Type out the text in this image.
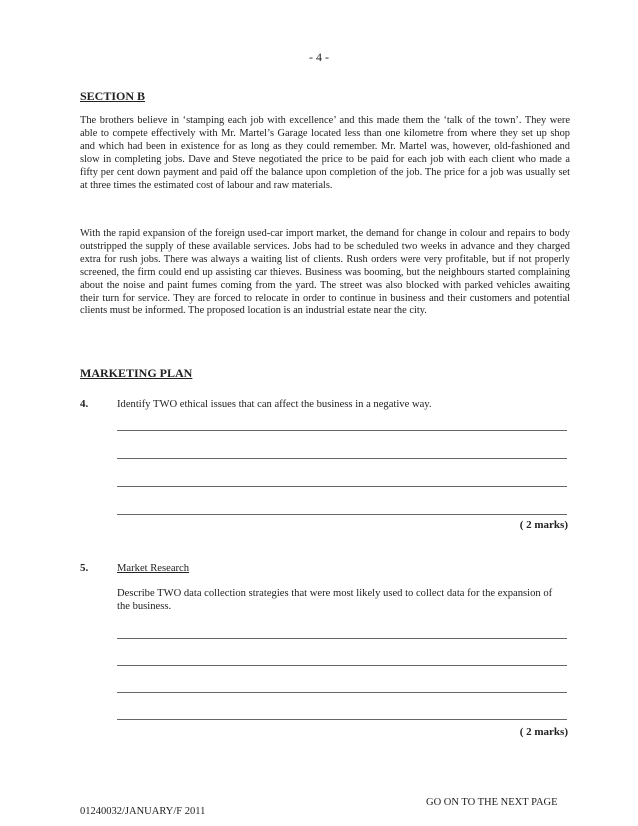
- 4 -
SECTION B

The brothers believe in ‘stamping each job with excellence’ and this made them the ‘talk of the town’. They were able to compete effectively with Mr. Martel’s Garage located less than one kilometre from where they set up shop and which had been in existence for as long as they could remember. Mr. Martel was, however, old-fashioned and slow in completing jobs. Dave and Steve negotiated the price to be paid for each job with each client who made a fifty per cent down payment and paid off the balance upon completion of the job. The price for a job was usually set at three times the estimated cost of labour and raw materials.

With the rapid expansion of the foreign used-car import market, the demand for change in colour and repairs to body outstripped the supply of these available services. Jobs had to be scheduled two weeks in advance and they charged extra for rush jobs. There was always a waiting list of clients. Rush orders were very profitable, but if not properly screened, the firm could end up assisting car thieves. Business was booming, but the neighbours started complaining about the noise and paint fumes coming from the yard. The street was also blocked with parked vehicles awaiting their turn for service. They are forced to relocate in order to continue in business and their customers and potential clients must be informed. The proposed location is an industrial estate near the city.

MARKETING PLAN
4.	Identify TWO ethical issues that can affect the business in a negative way.

( 2 marks)
5.	Market Research

Describe TWO data collection strategies that were most likely used to collect data for the expansion of the business.

( 2 marks)
GO ON TO THE NEXT PAGE
01240032/JANUARY/F 2011
